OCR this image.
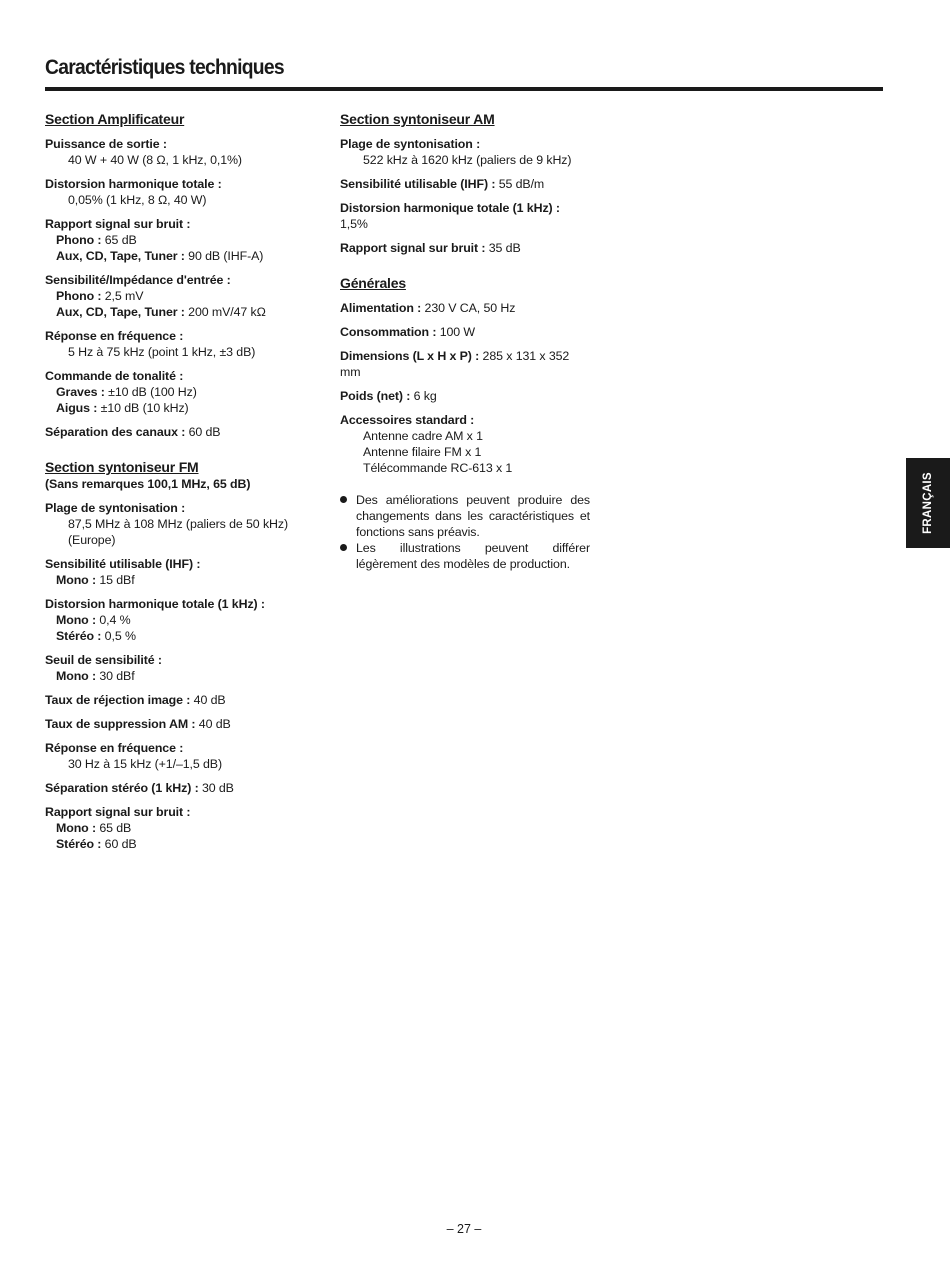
Caractéristiques techniques
Section Amplificateur
Puissance de sortie :
40 W + 40 W (8 Ω, 1 kHz, 0,1%)
Distorsion harmonique totale :
0,05% (1 kHz, 8 Ω, 40 W)
Rapport signal sur bruit :
Phono : 65 dB
Aux, CD, Tape, Tuner : 90 dB (IHF-A)
Sensibilité/Impédance d'entrée :
Phono : 2,5 mV
Aux, CD, Tape, Tuner : 200 mV/47 kΩ
Réponse en fréquence :
5 Hz à 75 kHz (point 1 kHz, ±3 dB)
Commande de tonalité :
Graves : ±10 dB (100 Hz)
Aigus : ±10 dB (10 kHz)
Séparation des canaux : 60 dB
Section syntoniseur FM
(Sans remarques 100,1 MHz, 65 dB)
Plage de syntonisation :
87,5 MHz à 108 MHz (paliers de 50 kHz)
(Europe)
Sensibilité utilisable (IHF) :
Mono : 15 dBf
Distorsion harmonique totale (1 kHz) :
Mono : 0,4 %
Stéréo : 0,5 %
Seuil de sensibilité :
Mono : 30 dBf
Taux de réjection image : 40 dB
Taux de suppression AM : 40 dB
Réponse en fréquence :
30 Hz à 15 kHz (+1/–1,5 dB)
Séparation stéréo (1 kHz) : 30 dB
Rapport signal sur bruit :
Mono : 65 dB
Stéréo : 60 dB
Section syntoniseur AM
Plage de syntonisation :
522 kHz à 1620 kHz (paliers de 9 kHz)
Sensibilité utilisable (IHF) : 55 dB/m
Distorsion harmonique totale (1 kHz) : 1,5%
Rapport signal sur bruit : 35 dB
Générales
Alimentation : 230 V CA, 50 Hz
Consommation : 100 W
Dimensions (L x H x P) : 285 x 131 x 352 mm
Poids (net) : 6 kg
Accessoires standard :
Antenne cadre AM x 1
Antenne filaire FM x 1
Télécommande RC-613 x 1
Des améliorations peuvent produire des changements dans les caractéristiques et fonctions sans préavis.
Les illustrations peuvent différer légèrement des modèles de production.
FRANÇAIS
– 27 –
